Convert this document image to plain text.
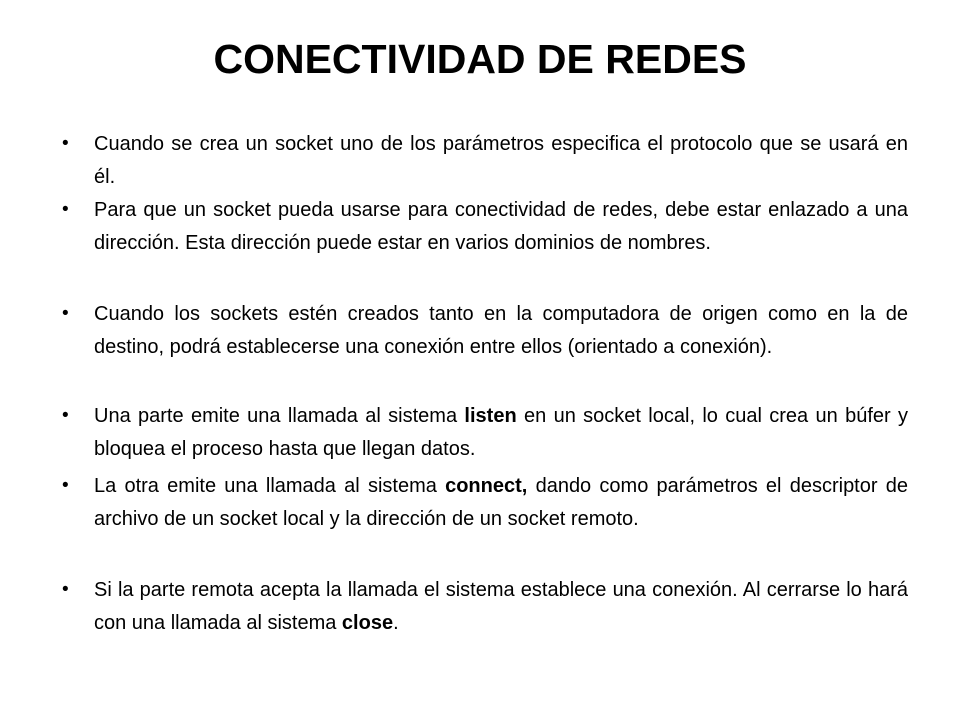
CONECTIVIDAD DE REDES
• Cuando se crea un socket uno de los parámetros especifica el protocolo que se usará en él.

• Para que un socket pueda usarse para conectividad de redes, debe estar enlazado a una dirección. Esta dirección puede estar en varios dominios de nombres.

• Cuando los sockets estén creados tanto en la computadora de origen como en la de destino, podrá establecerse una conexión entre ellos (orientado a conexión).

• Una parte emite una llamada al sistema listen en un socket local, lo cual crea un búfer y bloquea el proceso hasta que llegan datos.

• La otra emite una llamada al sistema connect, dando como parámetros el descriptor de archivo de un socket local y la dirección de un socket remoto.

• Si la parte remota acepta la llamada el sistema establece una conexión. Al cerrarse lo hará con una llamada al sistema close.
